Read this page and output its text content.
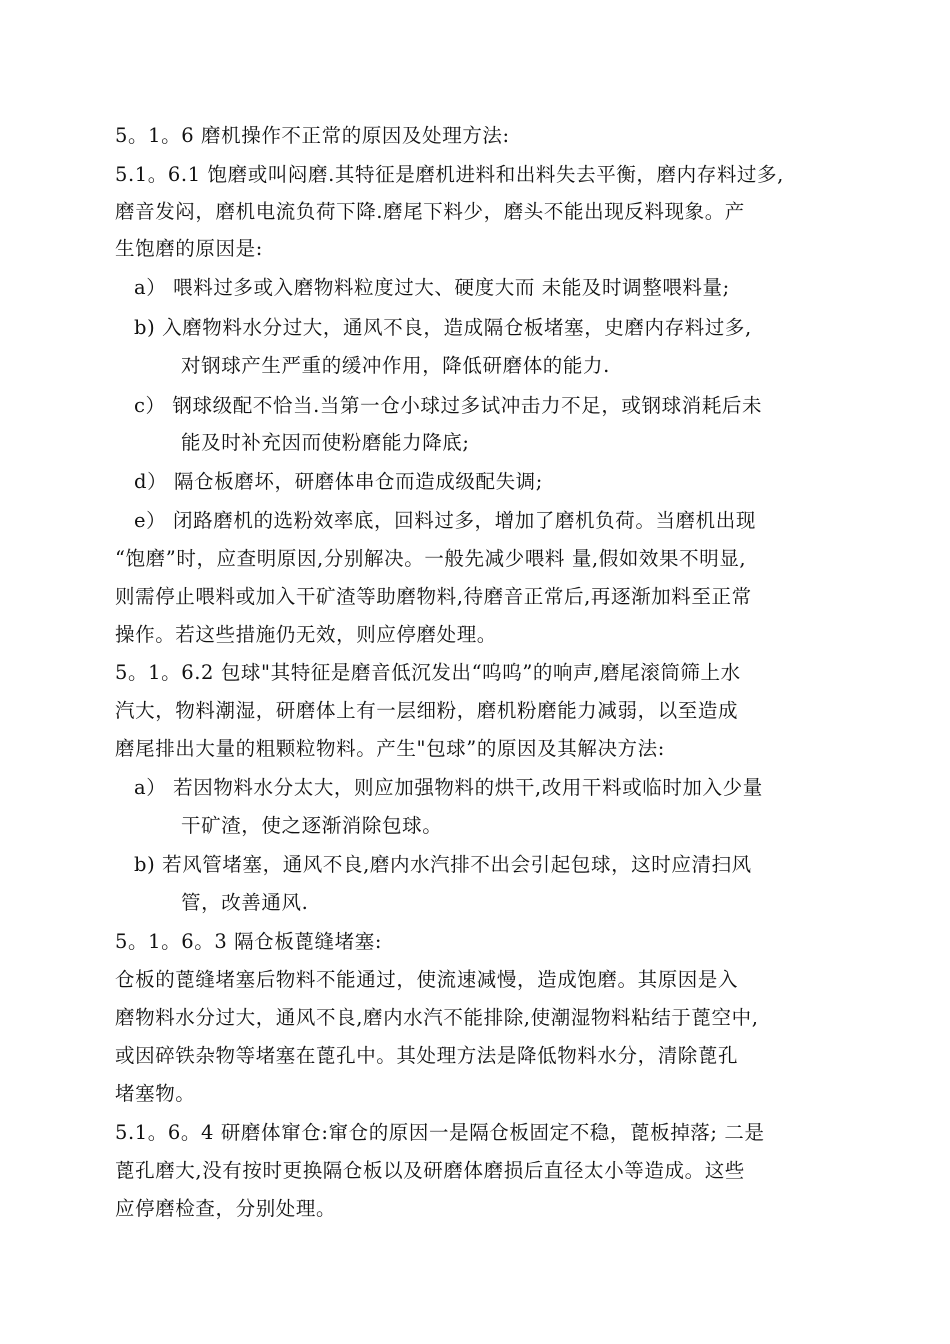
5。1。6 磨机操作不正常的原因及处理方法:
5.1。6.1 饱磨或叫闷磨.其特征是磨机进料和出料失去平衡，磨内存料过多,
磨音发闷，磨机电流负荷下降.磨尾下料少，磨头不能出现反料现象。产
生饱磨的原因是:
a） 喂料过多或入磨物料粒度过大、硬度大而 未能及时调整喂料量;
b) 入磨物料水分过大，通风不良，造成隔仓板堵塞，史磨内存料过多,
对钢球产生严重的缓冲作用，降低研磨体的能力.
c） 钢球级配不恰当.当第一仓小球过多试冲击力不足，或钢球消耗后未
能及时补充因而使粉磨能力降底;
d） 隔仓板磨坏，研磨体串仓而造成级配失调;
e） 闭路磨机的选粉效率底，回料过多，增加了磨机负荷。当磨机出现
“饱磨”时，应查明原因,分别解决。一般先减少喂料 量,假如效果不明显,
则需停止喂料或加入干矿渣等助磨物料,待磨音正常后,再逐渐加料至正常
操作。若这些措施仍无效，则应停磨处理。
5。1。6.2 包球"其特征是磨音低沉发出“呜呜”的响声,磨尾滚筒筛上水
汽大，物料潮湿，研磨体上有一层细粉，磨机粉磨能力减弱，以至造成
磨尾排出大量的粗颗粒物料。产生"包球”的原因及其解决方法:
a） 若因物料水分太大，则应加强物料的烘干,改用干料或临时加入少量
干矿渣，使之逐渐消除包球。
b) 若风管堵塞，通风不良,磨内水汽排不出会引起包球，这时应清扫风
管，改善通风.
5。1。6。3 隔仓板蓖缝堵塞:
仓板的蓖缝堵塞后物料不能通过，使流速减慢，造成饱磨。其原因是入
磨物料水分过大，通风不良,磨内水汽不能排除,使潮湿物料粘结于蓖空中,
或因碎铁杂物等堵塞在蓖孔中。其处理方法是降低物料水分，清除蓖孔
堵塞物。
5.1。6。4 研磨体窜仓:窜仓的原因一是隔仓板固定不稳，蓖板掉落; 二是
蓖孔磨大,没有按时更换隔仓板以及研磨体磨损后直径太小等造成。这些
应停磨检查，分别处理。
